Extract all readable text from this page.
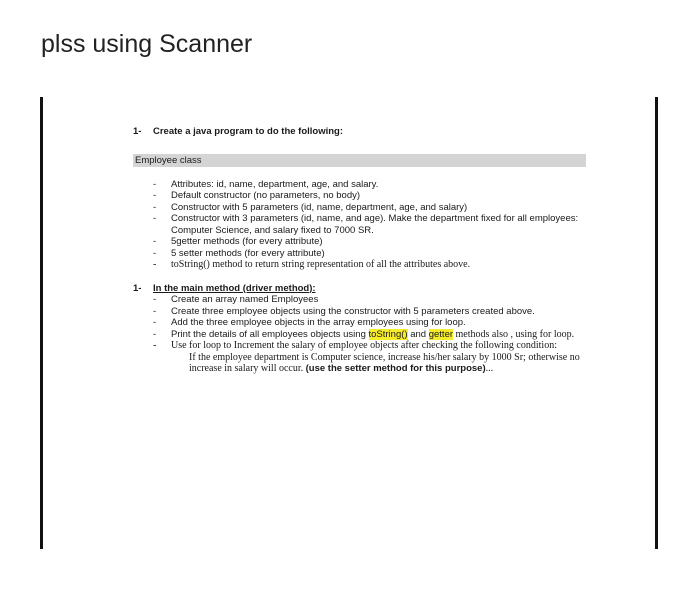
plss using Scanner

1- Create a java program to do the following:

Employee class
- Attributes: id, name, department, age, and salary.
- Default constructor (no parameters, no body)
- Constructor with 5 parameters (id, name, department, age, and salary)
- Constructor with 3 parameters (id, name, and age). Make the department fixed for all employees: Computer Science, and salary fixed to 7000 SR.
- 5getter methods (for every attribute)
- 5 setter methods (for every attribute)
- toString() method to return string representation of all the attributes above.

1- In the main method (driver method):

- Create an array named Employees
- Create three employee objects using the constructor with 5 parameters created above.
- Add the three employee objects in the array employees using for loop.
- Print the details of all employees objects using toString() and getter methods also , using for loop.
- Use for loop to Increment the salary of employee objects after checking the following condition:
If the employee department is Computer science, increase his/her salary by 1000 Sr; otherwise no increase in salary will occur. (use the setter method for this purpose)...
